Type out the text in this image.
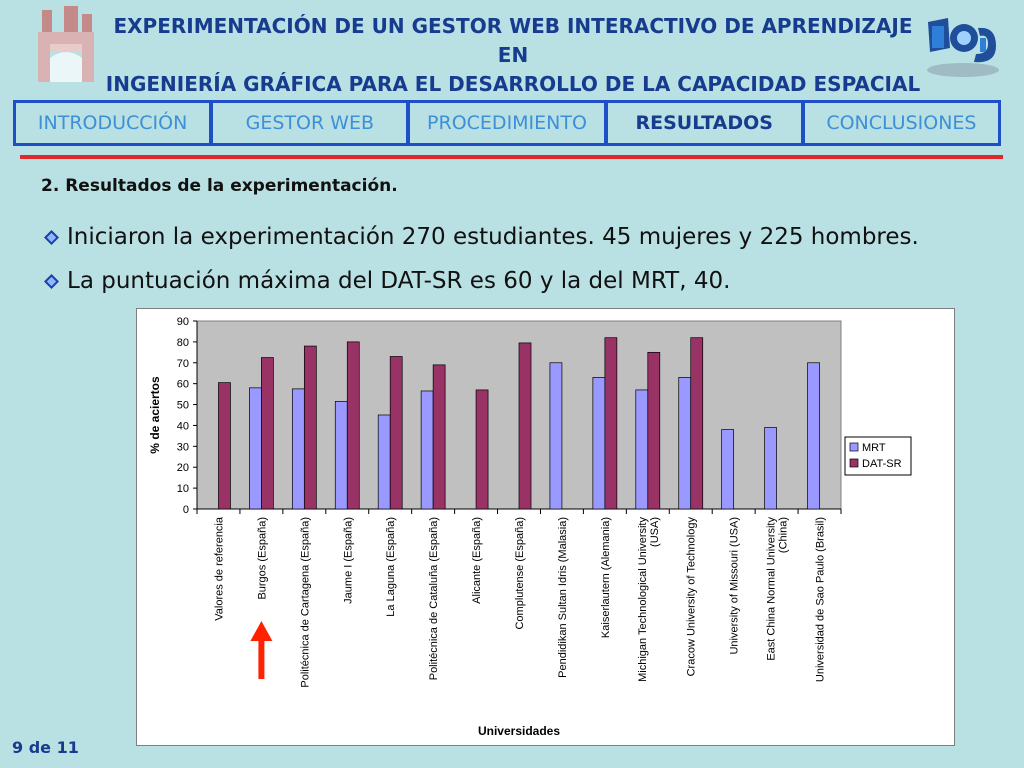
EXPERIMENTACIÓN DE UN GESTOR WEB INTERACTIVO DE APRENDIZAJE EN
INGENIERÍA GRÁFICA PARA EL DESARROLLO DE LA CAPACIDAD ESPACIAL
INTRODUCCIÓN	GESTOR WEB	PROCEDIMIENTO	RESULTADOS	CONCLUSIONES
2. Resultados de la experimentación.
Iniciaron la experimentación 270 estudiantes. 45 mujeres y 225 hombres.
La puntuación máxima del DAT-SR es 60 y la del MRT, 40.
0
10
20
30
40
50
60
70
80
90
% de aciertos
Valores de referencia	Burgos (España)	Politécnica de Cartagena (España)	Jaume I (España)	La Laguna (España)	Politécnica de Cataluña (España)	Alicante (España)	Complutense (España)	Pendidikan Sultan Idris (Malasia)	Kaiserlautern (Alemania) Michigan Technological University (USA) Cracow University of Technology	University of Missouri (USA) East China Normal University (China) Universidad de Sao Paulo (Brasil)
Universidades
MRT
DAT-SR
9 de 11
